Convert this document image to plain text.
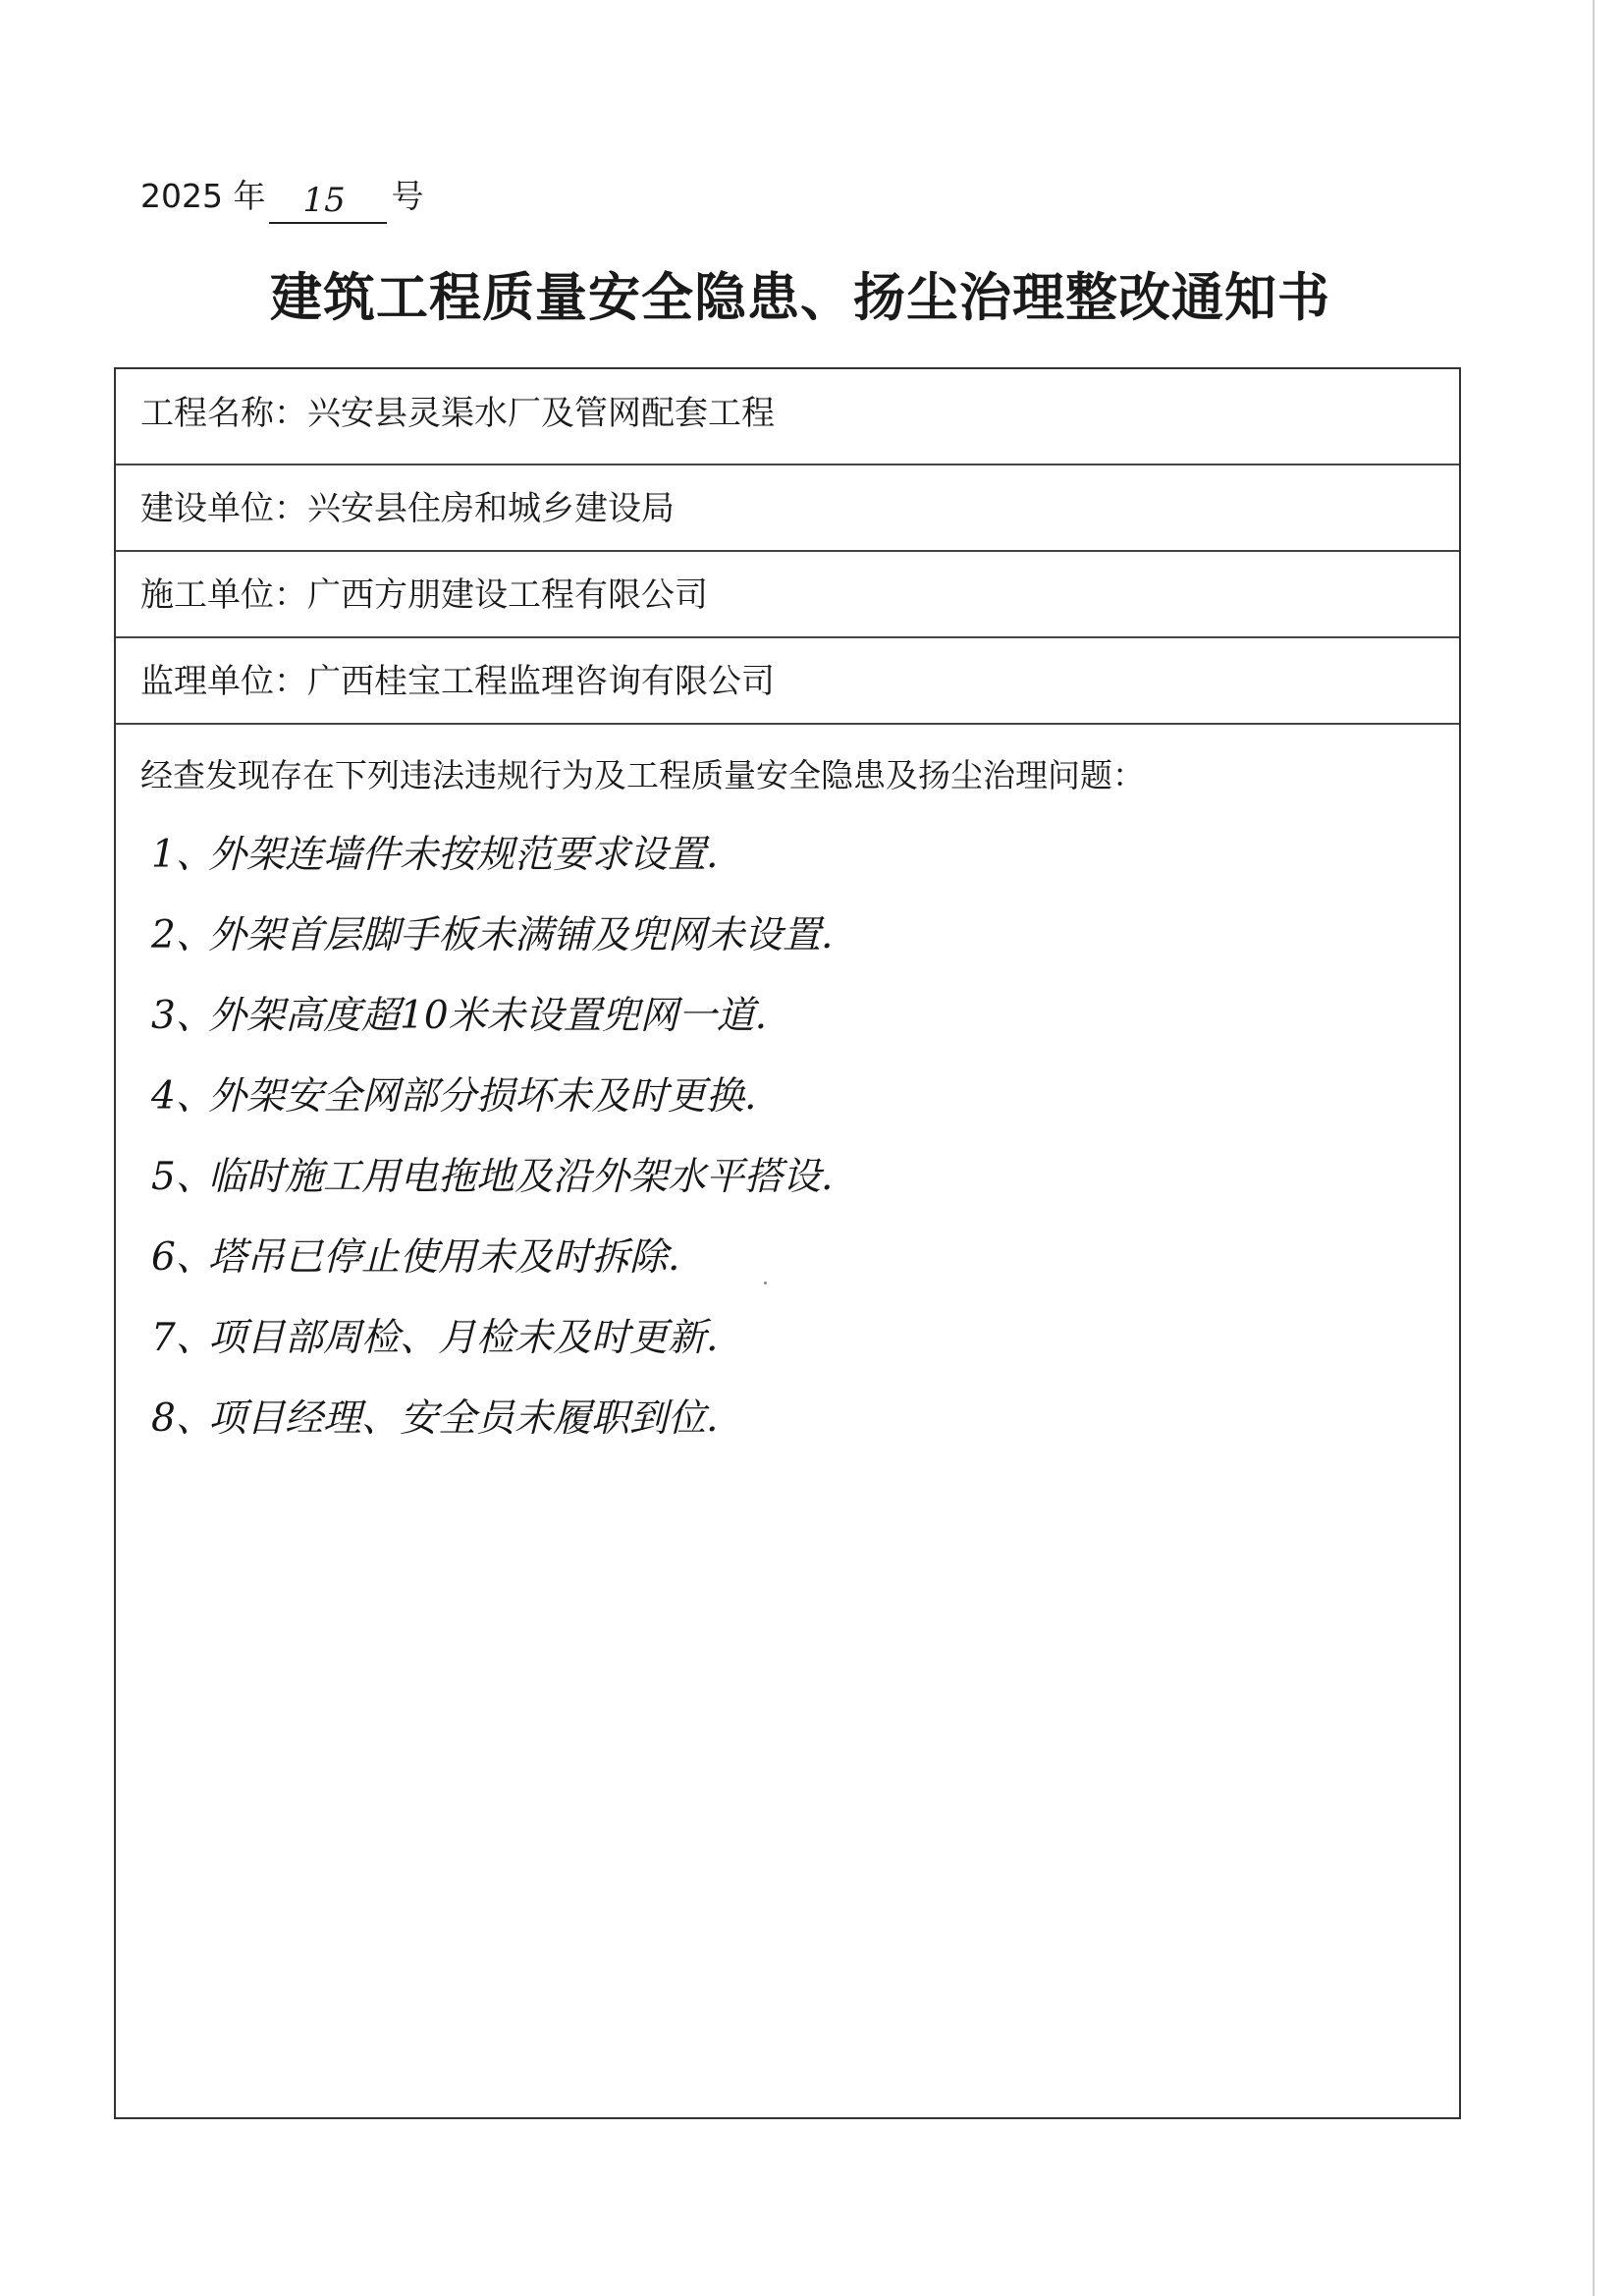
2025 年 15 号
建筑工程质量安全隐患、扬尘治理整改通知书
工程名称：兴安县灵渠水厂及管网配套工程
建设单位：兴安县住房和城乡建设局
施工单位：广西方朋建设工程有限公司
监理单位：广西桂宝工程监理咨询有限公司
经查发现存在下列违法违规行为及工程质量安全隐患及扬尘治理问题：
1、外架连墙件未按规范要求设置.
2、外架首层脚手板未满铺及兜网未设置.
3、外架高度超10米未设置兜网一道.
4、外架安全网部分损坏未及时更换.
5、临时施工用电拖地及沿外架水平搭设.
6、塔吊已停止使用未及时拆除.
7、项目部周检、月检未及时更新.
8、项目经理、安全员未履职到位.
